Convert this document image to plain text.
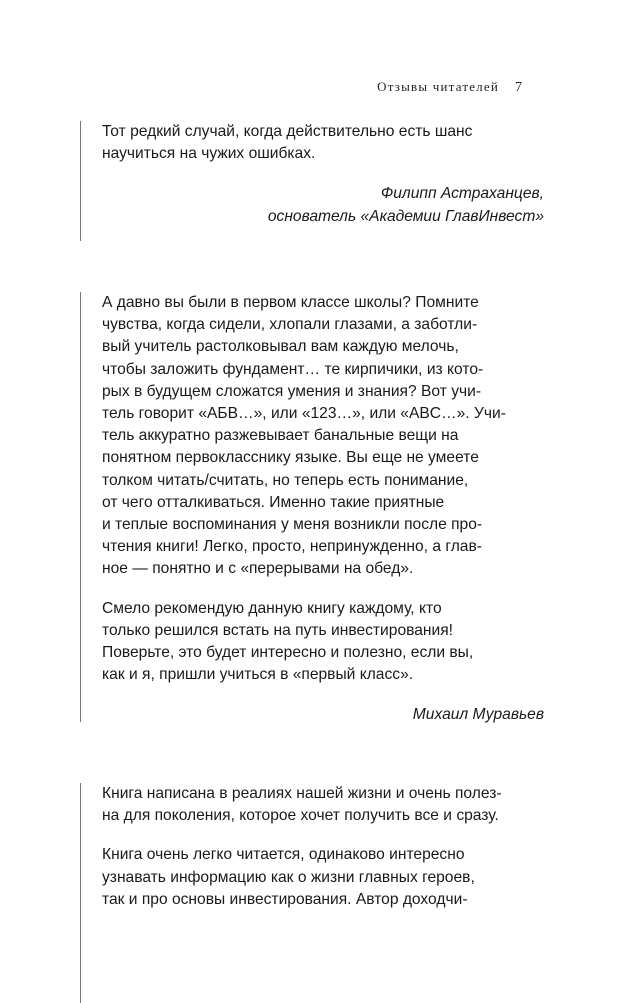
Отзывы читателей 7

Тот редкий случай, когда действительно есть шанс
научиться на чужих ошибках.

Филипп Астраханцев,
основатель «Академии ГлавИнвест»

А давно вы были в первом классе школы? Помните
чувства, когда сидели, хлопали глазами, а заботли-
вый учитель растолковывал вам каждую мелочь,
чтобы заложить фундамент… те кирпичики, из кото-
рых в будущем сложатся умения и знания? Вот учи-
тель говорит «АБВ…», или «123…», или «ABC…». Учи-
тель аккуратно разжевывает банальные вещи на
понятном первокласснику языке. Вы еще не умеете
толком читать/считать, но теперь есть понимание,
от чего отталкиваться. Именно такие приятные
и теплые воспоминания у меня возникли после про-
чтения книги! Легко, просто, непринужденно, а глав-
ное — понятно и с «перерывами на обед».

Смело рекомендую данную книгу каждому, кто
только решился встать на путь инвестирования!
Поверьте, это будет интересно и полезно, если вы,
как и я, пришли учиться в «первый класс».

Михаил Муравьев

Книга написана в реалиях нашей жизни и очень полез-
на для поколения, которое хочет получить все и сразу.

Книга очень легко читается, одинаково интересно
узнавать информацию как о жизни главных героев,
так и про основы инвестирования. Автор доходчи-
